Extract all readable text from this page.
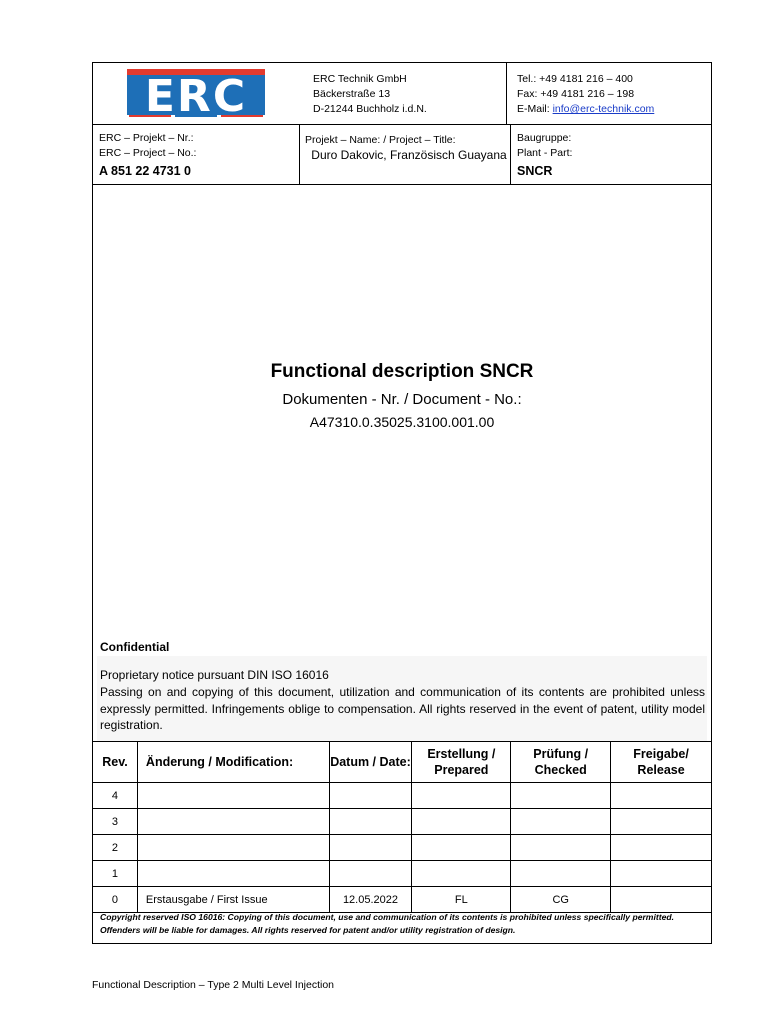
ERC	ERC Technik GmbH
Bäckerstraße 13
D-21244 Buchholz i.d.N.
Tel.: +49 4181 216 – 400
Fax: +49 4181 216 – 198
E-Mail: info@erc-technik.com
ERC – Projekt – Nr.:
ERC – Project – No.:
A 851 22 4731 0
Projekt – Name: / Project – Title:
Duro Dakovic, Französisch Guayana
Baugruppe:
Plant - Part:
SNCR
Functional description SNCR
Dokumenten - Nr. / Document - No.:
A47310.0.35025.3100.001.00
Confidential
Proprietary notice pursuant DIN ISO 16016
Passing on and copying of this document, utilization and communication of its contents are prohibited unless expressly permitted. Infringements oblige to compensation. All rights reserved in the event of patent, utility model registration.
Rev.	Änderung / Modification:	Datum / Date:	Erstellung / Prepared	Prüfung / Checked	Freigabe/ Release
4					
3					
2					
1					
0	Erstausgabe / First Issue	12.05.2022	FL	CG	
Copyright reserved ISO 16016: Copying of this document, use and communication of its contents is prohibited unless specifically permitted. Offenders will be liable for damages. All rights reserved for patent and/or utility registration of design.
Functional Description – Type 2 Multi Level Injection
